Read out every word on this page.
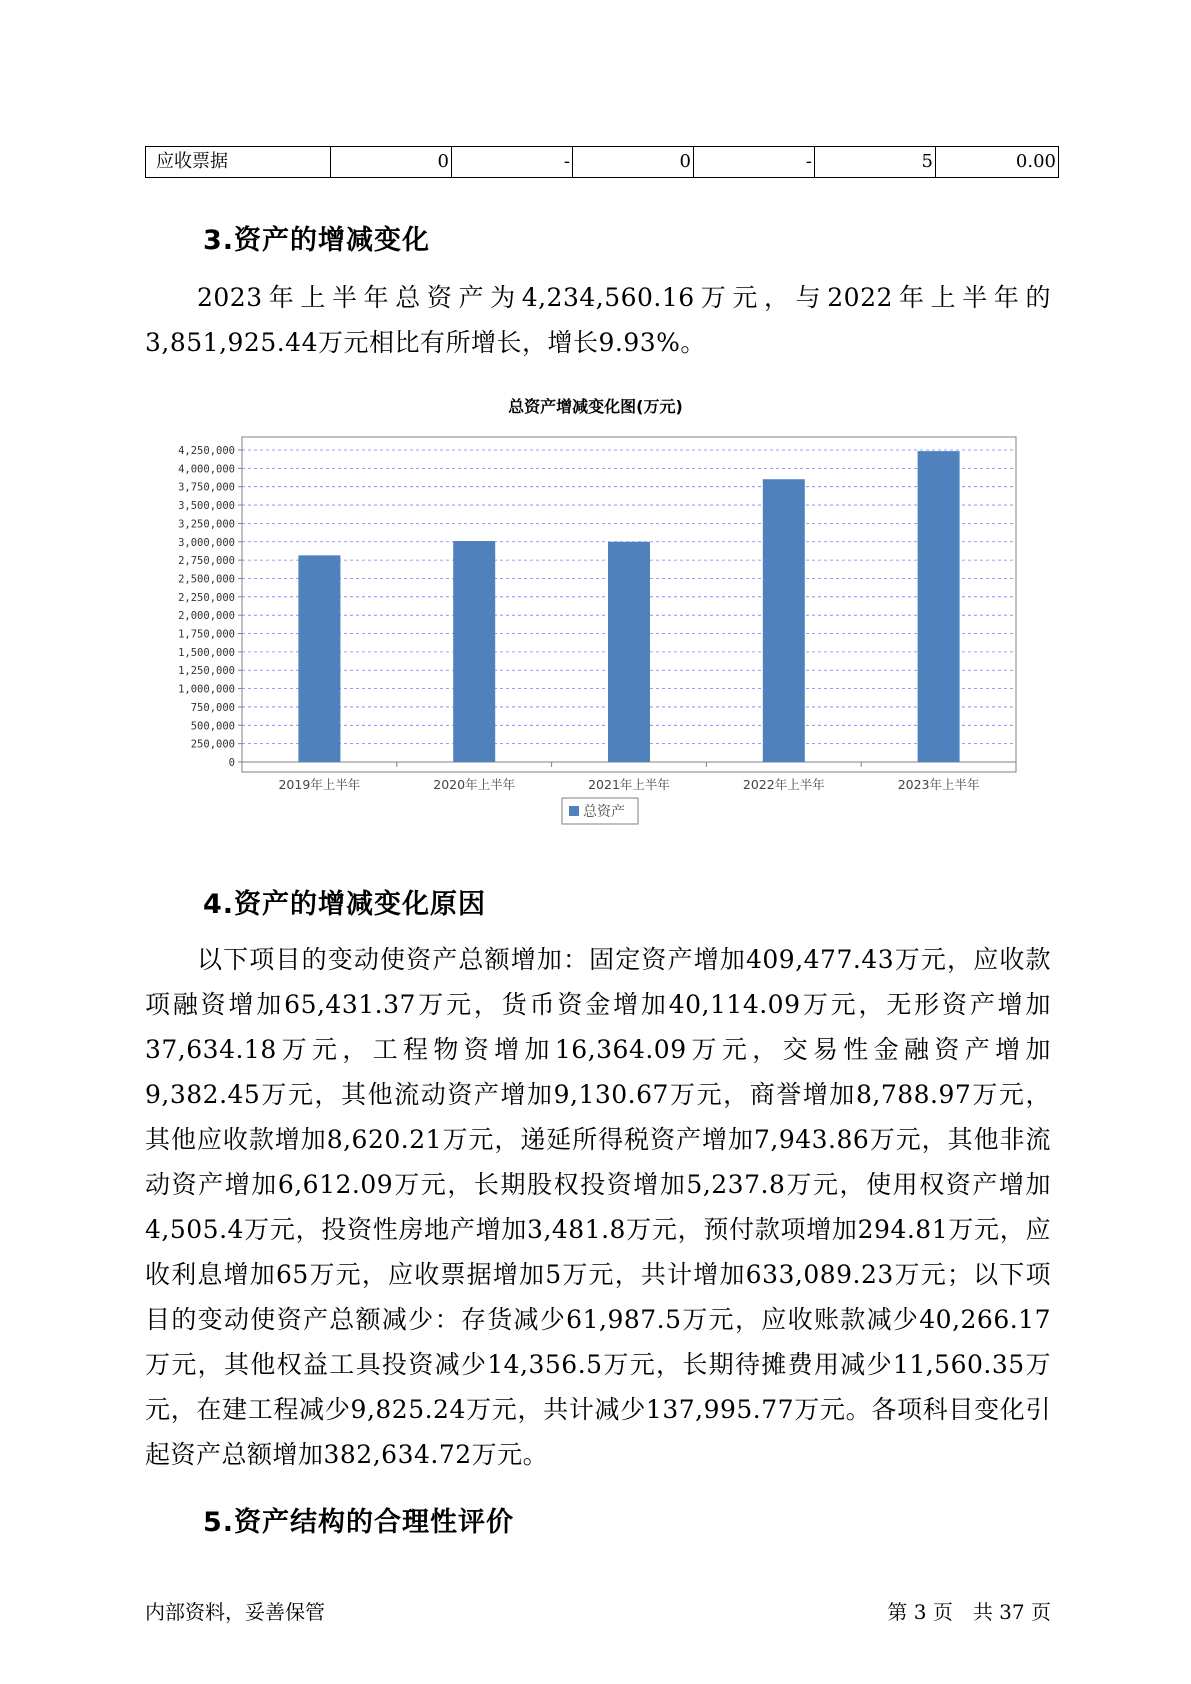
应收票据	0	-	0	-	5	0.00
3.资产的增减变化
2023年上半年总资产为4,234,560.16万元，与2022年上半年的3,851,925.44万元相比有所增长，增长9.93%。
总资产增减变化图(万元)
0
250,000
500,000
750,000
1,000,000
1,250,000
1,500,000
1,750,000
2,000,000
2,250,000
2,500,000
2,750,000
3,000,000
3,250,000
3,500,000
3,750,000
4,000,000
4,250,000
2019年上半年	2020年上半年	2021年上半年	2022年上半年	2023年上半年
总资产
4.资产的增减变化原因
以下项目的变动使资产总额增加：固定资产增加409,477.43万元，应收款项融资增加65,431.37万元，货币资金增加40,114.09万元，无形资产增加37,634.18万元，工程物资增加16,364.09万元，交易性金融资产增加9,382.45万元，其他流动资产增加9,130.67万元，商誉增加8,788.97万元，其他应收款增加8,620.21万元，递延所得税资产增加7,943.86万元，其他非流动资产增加6,612.09万元，长期股权投资增加5,237.8万元，使用权资产增加4,505.4万元，投资性房地产增加3,481.8万元，预付款项增加294.81万元，应收利息增加65万元，应收票据增加5万元，共计增加633,089.23万元；以下项目的变动使资产总额减少：存货减少61,987.5万元，应收账款减少40,266.17万元，其他权益工具投资减少14,356.5万元，长期待摊费用减少11,560.35万元，在建工程减少9,825.24万元，共计减少137,995.77万元。各项科目变化引起资产总额增加382,634.72万元。
5.资产结构的合理性评价
内部资料，妥善保管	第 3 页　共 37 页
